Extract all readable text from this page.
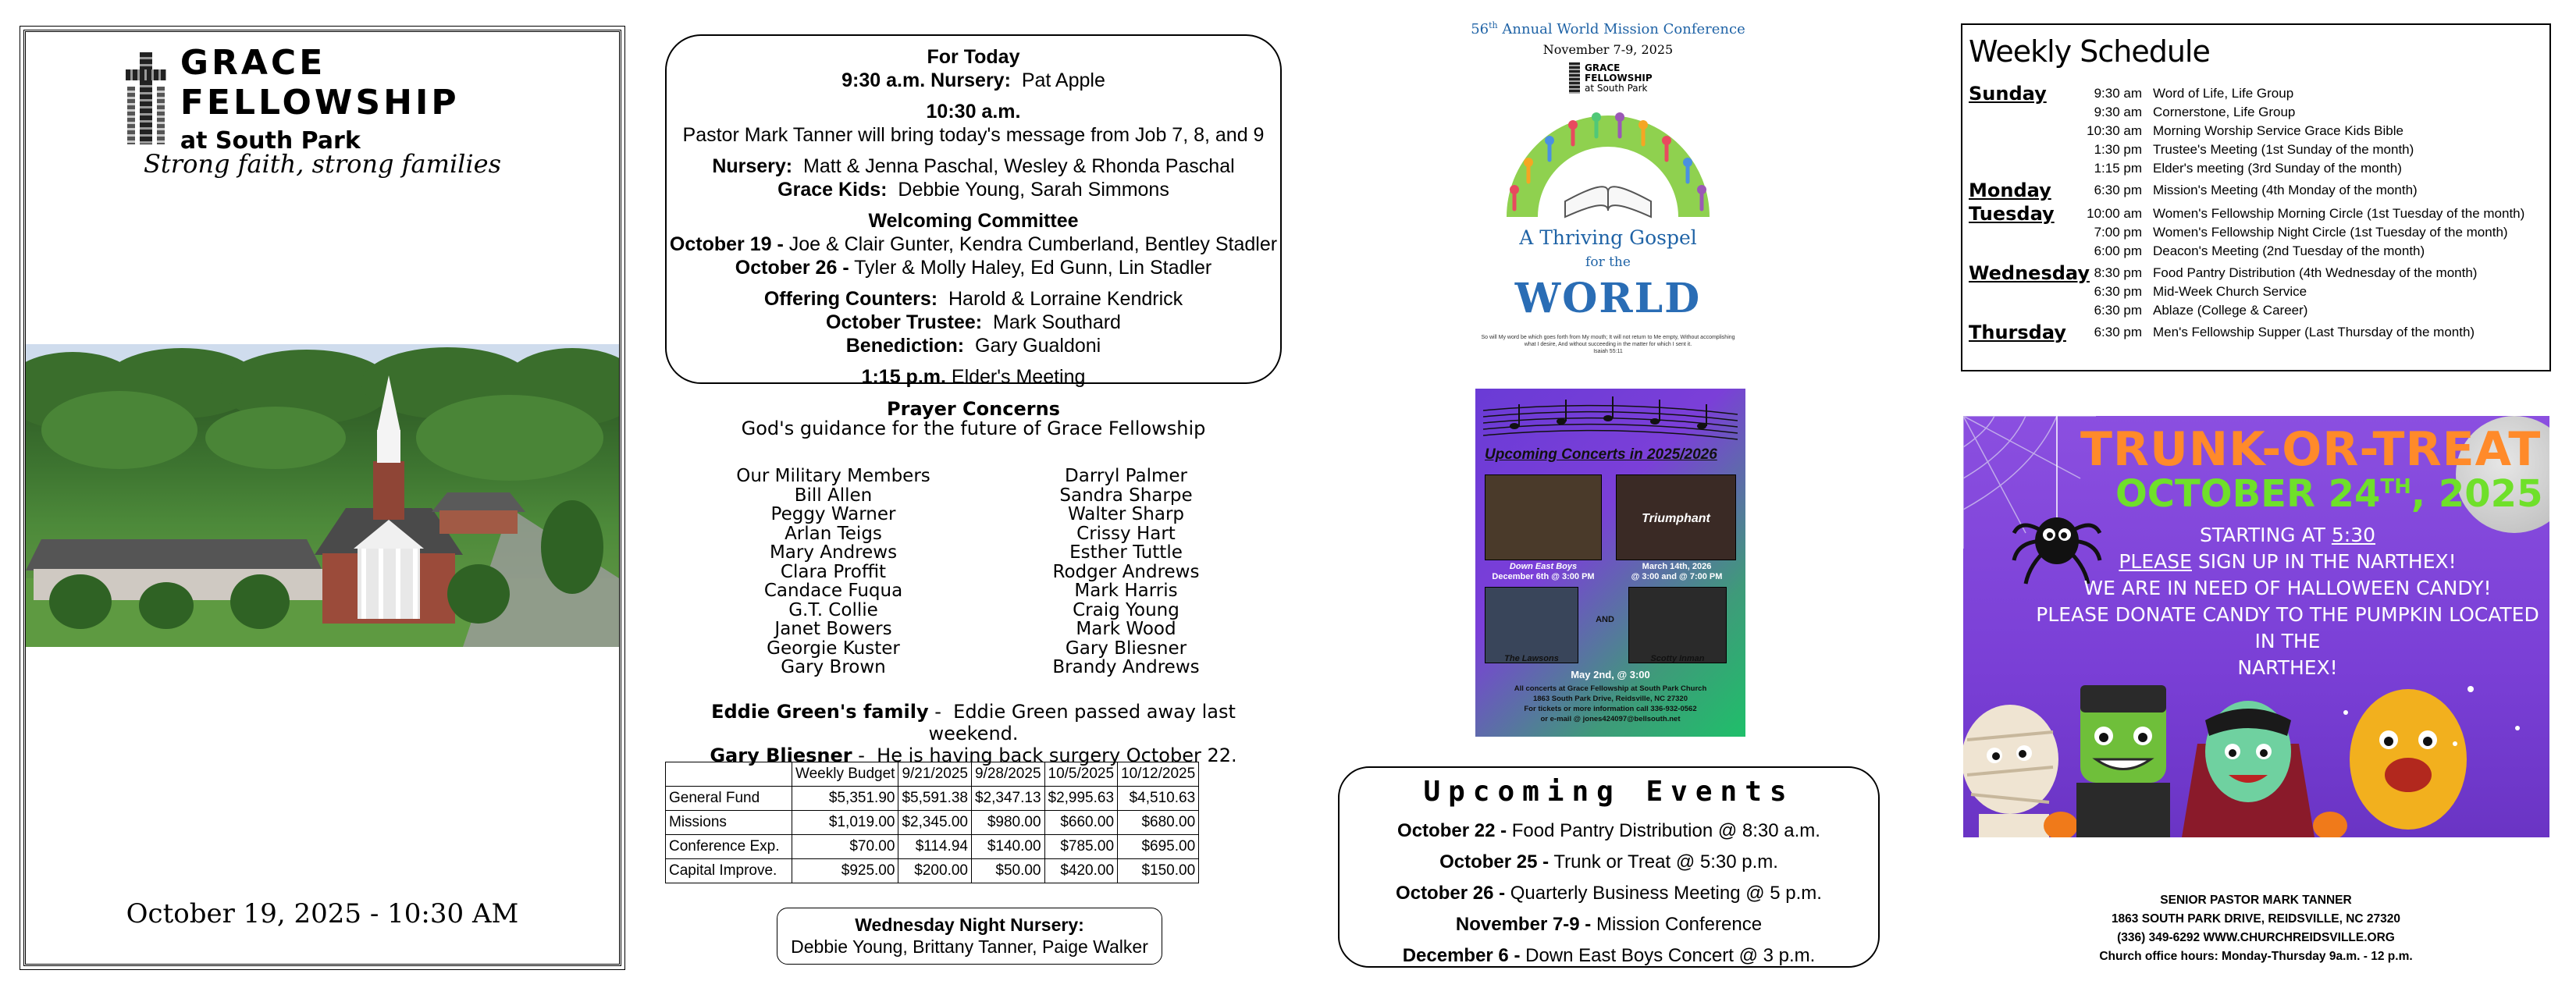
GRACE FELLOWSHIP
at South Park
Strong faith, strong families
October 19, 2025 - 10:30 AM
For Today
9:30 a.m. Nursery: Pat Apple
10:30 a.m.
Pastor Mark Tanner will bring today's message from Job 7, 8, and 9
Nursery: Matt & Jenna Paschal, Wesley & Rhonda Paschal
Grace Kids: Debbie Young, Sarah Simmons
Welcoming Committee
October 19 - Joe & Clair Gunter, Kendra Cumberland, Bentley Stadler
October 26 - Tyler & Molly Haley, Ed Gunn, Lin Stadler
Offering Counters: Harold & Lorraine Kendrick
October Trustee: Mark Southard
Benediction: Gary Gualdoni
1:15 p.m. Elder's Meeting
Prayer Concerns
God's guidance for the future of Grace Fellowship
Our Military Members
Bill Allen
Peggy Warner
Arlan Teigs
Mary Andrews
Clara Proffit
Candace Fuqua
G.T. Collie
Janet Bowers
Georgie Kuster
Gary Brown
Darryl Palmer
Sandra Sharpe
Walter Sharp
Crissy Hart
Esther Tuttle
Rodger Andrews
Mark Harris
Craig Young
Mark Wood
Gary Bliesner
Brandy Andrews
Eddie Green's family -  Eddie Green passed away last weekend.
Gary Bliesner -  He is having back surgery October 22.
	Weekly Budget	9/21/2025	9/28/2025	10/5/2025	10/12/2025
General Fund	$5,351.90	$5,591.38	$2,347.13	$2,995.63	$4,510.63
Missions	$1,019.00	$2,345.00	$980.00	$660.00	$680.00
Conference Exp.	$70.00	$114.94	$140.00	$785.00	$695.00
Capital Improve.	$925.00	$200.00	$50.00	$420.00	$150.00
Wednesday Night Nursery:
Debbie Young, Brittany Tanner, Paige Walker
56th Annual World Mission Conference
November 7-9, 2025
GRACE
FELLOWSHIP
at South Park
A Thriving Gospel
for the
WORLD
So will My word be which goes forth from My mouth; It will not return to Me empty, Without accomplishing what I desire, And without succeeding in the matter for which I sent it.
Isaiah 55:11
Upcoming Concerts in 2025/2026
Down East Boys
December 6th @ 3:00 PM
Triumphant
March 14th, 2026
@ 3:00 and @ 7:00 PM
The Lawsons
AND
Scotty Inman
May 2nd, @ 3:00
All concerts at Grace Fellowship at South Park Church
1863 South Park Drive, Reidsville, NC 27320
For tickets or more information call 336-932-0562
or e-mail @ jones424097@bellsouth.net
Upcoming Events
October 22 - Food Pantry Distribution @ 8:30 a.m.
October 25 - Trunk or Treat @ 5:30 p.m.
October 26 - Quarterly Business Meeting @ 5 p.m.
November 7-9 - Mission Conference
December 6 - Down East Boys Concert @ 3 p.m.
Weekly Schedule
Sunday	9:30 am Word of Life, Life Group
9:30 am Cornerstone, Life Group
10:30 am Morning Worship Service Grace Kids Bible
1:30 pm Trustee's Meeting (1st Sunday of the month)
1:15 pm Elder's meeting (3rd Sunday of the month)
Monday	6:30 pm Mission's Meeting (4th Monday of the month)
Tuesday	10:00 am Women's Fellowship Morning Circle (1st Tuesday of the month)
7:00 pm Women's Fellowship Night Circle (1st Tuesday of the month)
6:00 pm Deacon's Meeting (2nd Tuesday of the month)
Wednesday 8:30 pm Food Pantry Distribution (4th Wednesday of the month)
6:30 pm Mid-Week Church Service
6:30 pm Ablaze (College & Career)
Thursday	6:30 pm Men's Fellowship Supper (Last Thursday of the month)
TRUNK-OR-TREAT
OCTOBER 24TH, 2025
STARTING AT 5:30
PLEASE SIGN UP IN THE NARTHEX!
WE ARE IN NEED OF HALLOWEEN CANDY!
PLEASE DONATE CANDY TO THE PUMPKIN LOCATED IN THE
NARTHEX!
SENIOR PASTOR MARK TANNER
1863 SOUTH PARK DRIVE, REIDSVILLE, NC 27320
(336) 349-6292 WWW.CHURCHREIDSVILLE.ORG
Church office hours: Monday-Thursday 9a.m. - 12 p.m.
